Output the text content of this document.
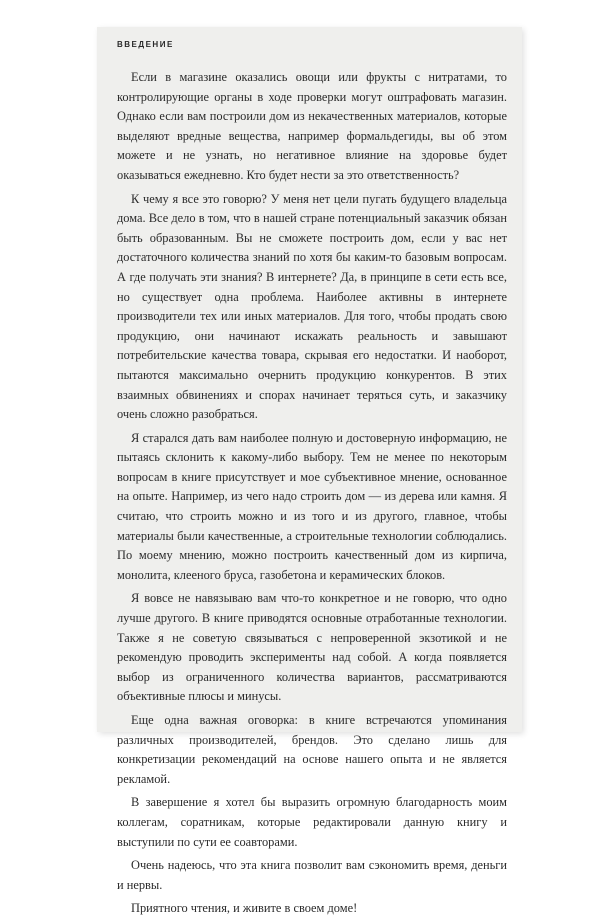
ВВЕДЕНИЕ

Если в магазине оказались овощи или фрукты с нитратами, то контролирующие органы в ходе проверки могут оштрафовать магазин. Однако если вам построили дом из некачественных материалов, которые выделяют вредные вещества, например формальдегиды, вы об этом можете и не узнать, но негативное влияние на здоровье будет оказываться ежедневно. Кто будет нести за это ответственность?

К чему я все это говорю? У меня нет цели пугать будущего владельца дома. Все дело в том, что в нашей стране потенциальный заказчик обязан быть образованным. Вы не сможете построить дом, если у вас нет достаточного количества знаний по хотя бы каким-то базовым вопросам. А где получать эти знания? В интернете? Да, в принципе в сети есть все, но существует одна проблема. Наиболее активны в интернете производители тех или иных материалов. Для того, чтобы продать свою продукцию, они начинают искажать реальность и завышают потребительские качества товара, скрывая его недостатки. И наоборот, пытаются максимально очернить продукцию конкурентов. В этих взаимных обвинениях и спорах начинает теряться суть, и заказчику очень сложно разобраться.

Я старался дать вам наиболее полную и достоверную информацию, не пытаясь склонить к какому-либо выбору. Тем не менее по некоторым вопросам в книге присутствует и мое субъективное мнение, основанное на опыте. Например, из чего надо строить дом — из дерева или камня. Я считаю, что строить можно и из того и из другого, главное, чтобы материалы были качественные, а строительные технологии соблюдались. По моему мнению, можно построить качественный дом из кирпича, монолита, клееного бруса, газобетона и керамических блоков.

Я вовсе не навязываю вам что-то конкретное и не говорю, что одно лучше другого. В книге приводятся основные отработанные технологии. Также я не советую связываться с непроверенной экзотикой и не рекомендую проводить эксперименты над собой. А когда появляется выбор из ограниченного количества вариантов, рассматриваются объективные плюсы и минусы.

Еще одна важная оговорка: в книге встречаются упоминания различных производителей, брендов. Это сделано лишь для конкретизации рекомендаций на основе нашего опыта и не является рекламой.

В завершение я хотел бы выразить огромную благодарность моим коллегам, соратникам, которые редактировали данную книгу и выступили по сути ее соавторами.

Очень надеюсь, что эта книга позволит вам сэкономить время, деньги и нервы.

Приятного чтения, и живите в своем доме!
